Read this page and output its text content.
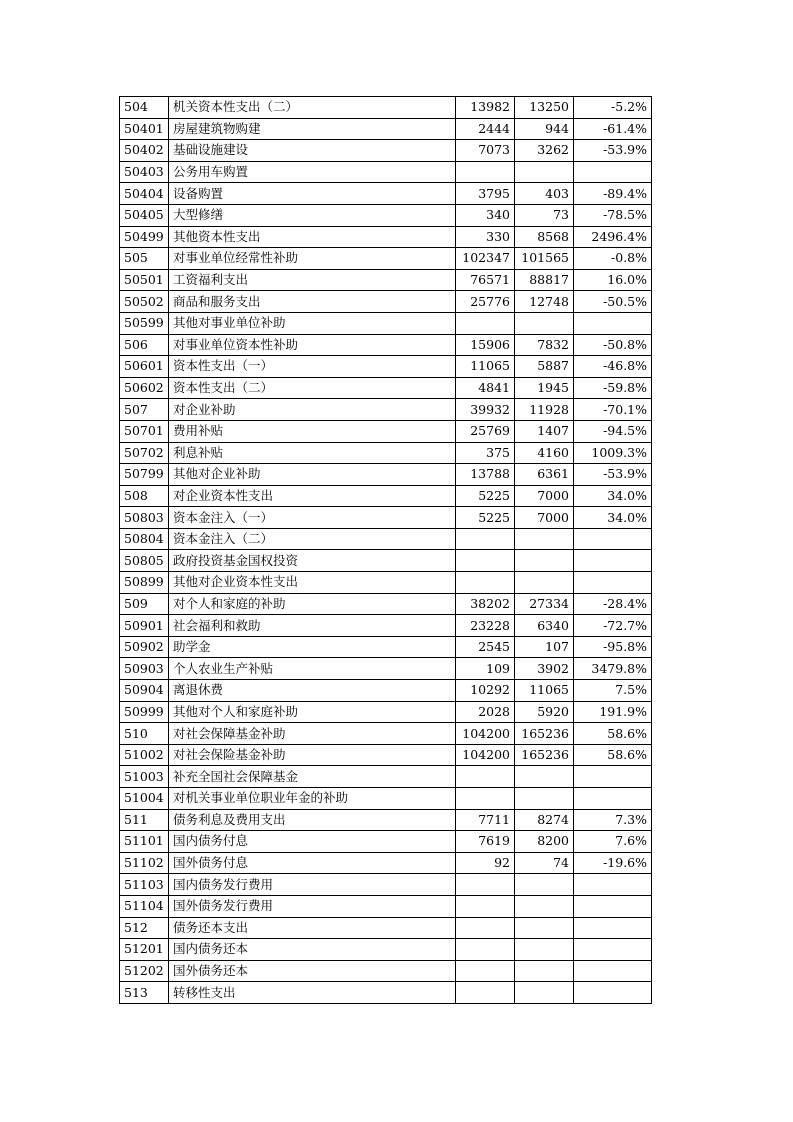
504	机关资本性支出（二）	13982	13250	-5.2%
50401	房屋建筑物购建	2444	944	-61.4%
50402	基础设施建设	7073	3262	-53.9%
50403	公务用车购置			
50404	设备购置	3795	403	-89.4%
50405	大型修缮	340	73	-78.5%
50499	其他资本性支出	330	8568	2496.4%
505	对事业单位经常性补助	102347	101565	-0.8%
50501	工资福利支出	76571	88817	16.0%
50502	商品和服务支出	25776	12748	-50.5%
50599	其他对事业单位补助			
506	对事业单位资本性补助	15906	7832	-50.8%
50601	资本性支出（一）	11065	5887	-46.8%
50602	资本性支出（二）	4841	1945	-59.8%
507	对企业补助	39932	11928	-70.1%
50701	费用补贴	25769	1407	-94.5%
50702	利息补贴	375	4160	1009.3%
50799	其他对企业补助	13788	6361	-53.9%
508	对企业资本性支出	5225	7000	34.0%
50803	资本金注入（一）	5225	7000	34.0%
50804	资本金注入（二）			
50805	政府投资基金国权投资			
50899	其他对企业资本性支出			
509	对个人和家庭的补助	38202	27334	-28.4%
50901	社会福利和救助	23228	6340	-72.7%
50902	助学金	2545	107	-95.8%
50903	个人农业生产补贴	109	3902	3479.8%
50904	离退休费	10292	11065	7.5%
50999	其他对个人和家庭补助	2028	5920	191.9%
510	对社会保障基金补助	104200	165236	58.6%
51002	对社会保险基金补助	104200	165236	58.6%
51003	补充全国社会保障基金			
51004	对机关事业单位职业年金的补助			
511	债务利息及费用支出	7711	8274	7.3%
51101	国内债务付息	7619	8200	7.6%
51102	国外债务付息	92	74	-19.6%
51103	国内债务发行费用			
51104	国外债务发行费用			
512	债务还本支出			
51201	国内债务还本			
51202	国外债务还本			
513	转移性支出			
